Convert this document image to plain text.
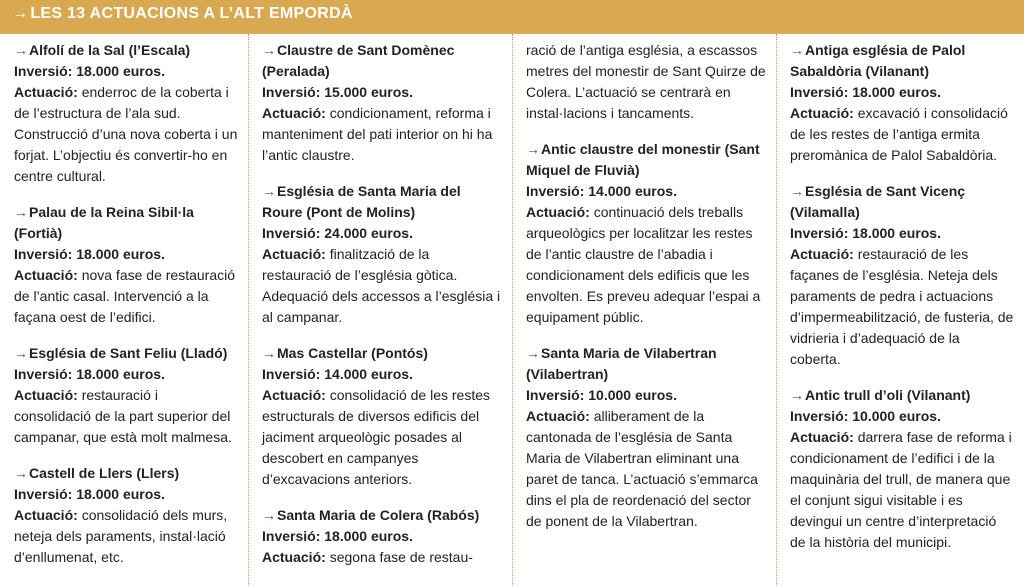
→ LES 13 ACTUACIONS A L’ALT EMPORDÀ
→Alfolí de la Sal (l’Escala)
Inversió: 18.000 euros.
Actuació: enderroc de la coberta i de l’estructura de l’ala sud. Construcció d’una nova coberta i un forjat. L’objectiu és convertir-ho en centre cultural.
→Palau de la Reina Sibil·la (Fortià)
Inversió: 18.000 euros.
Actuació: nova fase de restauració de l’antic casal. Intervenció a la façana oest de l’edifici.
→Església de Sant Feliu (Lladó)
Inversió: 18.000 euros.
Actuació: restauració i consolidació de la part superior del campanar, que està molt malmesa.
→Castell de Llers (Llers)
Inversió: 18.000 euros.
Actuació: consolidació dels murs, neteja dels paraments, instal·lació d’enllumenat, etc.
→Claustre de Sant Domènec (Peralada)
Inversió: 15.000 euros.
Actuació: condicionament, reforma i manteniment del pati interior on hi ha l’antic claustre.
→Església de Santa Maria del Roure (Pont de Molins)
Inversió: 24.000 euros.
Actuació: finalització de la restauració de l’església gòtica. Adequació dels accessos a l’església i al campanar.
→Mas Castellar (Pontós)
Inversió: 14.000 euros.
Actuació: consolidació de les restes estructurals de diversos edificis del jaciment arqueològic posades al descobert en campanyes d’excavacions anteriors.
→Santa Maria de Colera (Rabós)
Inversió: 18.000 euros.
Actuació: segona fase de restau-
ració de l’antiga església, a escassos metres del monestir de Sant Quirze de Colera. L’actuació se centrarà en instal·lacions i tancaments.
→Antic claustre del monestir (Sant Miquel de Fluvià)
Inversió: 14.000 euros.
Actuació: continuació dels treballs arqueològics per localitzar les restes de l’antic claustre de l’abadia i condicionament dels edificis que les envolten. Es preveu adequar l’espai a equipament públic.
→Santa Maria de Vilabertran (Vilabertran)
Inversió: 10.000 euros.
Actuació: alliberament de la cantonada de l’església de Santa Maria de Vilabertran eliminant una paret de tanca. L’actuació s’emmarca dins el pla de reordenació del sector de ponent de la Vilabertran.
→Antiga església de Palol Sabaldòria (Vilanant)
Inversió: 18.000 euros.
Actuació: excavació i consolidació de les restes de l’antiga ermita preromànica de Palol Sabaldòria.
→Església de Sant Vicenç (Vilamalla)
Inversió: 18.000 euros.
Actuació: restauració de les façanes de l’església. Neteja dels paraments de pedra i actuacions d’impermeabilització, de fusteria, de vidrieria i d’adequació de la coberta.
→Antic trull d’oli (Vilanant)
Inversió: 10.000 euros.
Actuació: darrera fase de reforma i condicionament de l’edifici i de la maquinària del trull, de manera que el conjunt sigui visitable i es devingui un centre d’interpretació de la història del municipi.
